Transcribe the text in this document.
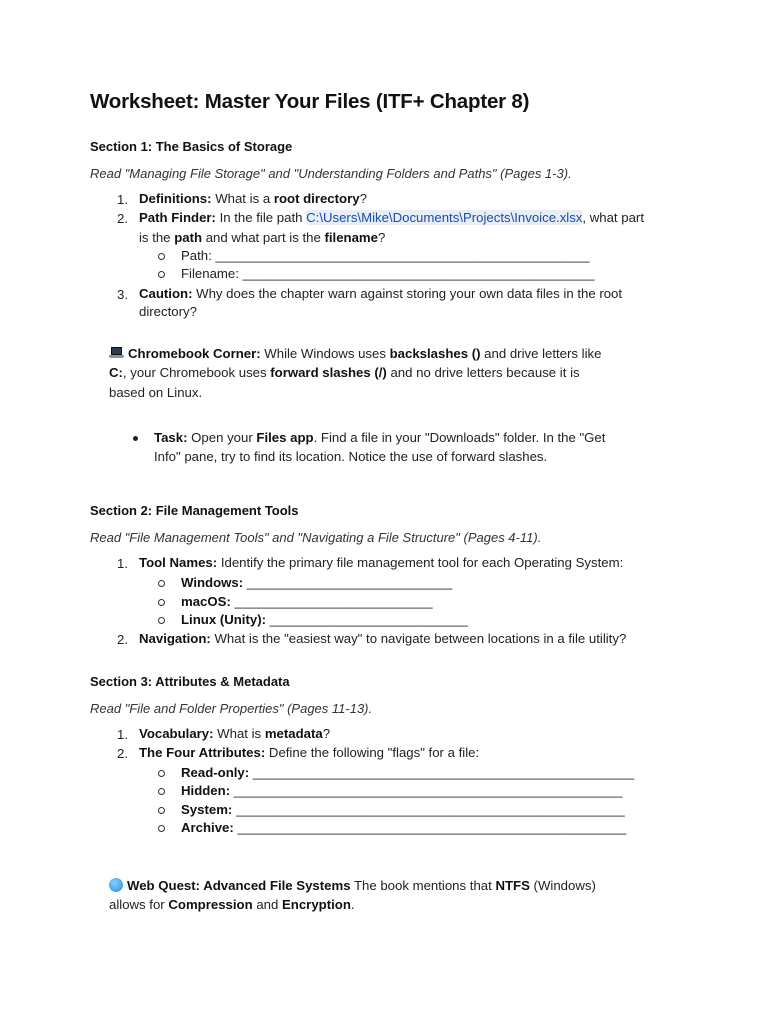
Worksheet: Master Your Files (ITF+ Chapter 8)
Section 1: The Basics of Storage
Read "Managing File Storage" and "Understanding Folders and Paths" (Pages 1-3).
1. Definitions: What is a root directory?
2. Path Finder: In the file path C:\Users\Mike\Documents\Projects\Invoice.xlsx, what part
is the path and what part is the filename?
Path: ___________________________________________________
Filename: ________________________________________________
3. Caution: Why does the chapter warn against storing your own data files in the root
directory?
Chromebook Corner: While Windows uses backslashes () and drive letters like
C:, your Chromebook uses forward slashes (/) and no drive letters because it is
based on Linux.
Task: Open your Files app. Find a file in your "Downloads" folder. In the "Get
Info" pane, try to find its location. Notice the use of forward slashes.
Section 2: File Management Tools
Read "File Management Tools" and "Navigating a File Structure" (Pages 4-11).
1. Tool Names: Identify the primary file management tool for each Operating System:
Windows: ____________________________
macOS: ___________________________
Linux (Unity): ___________________________
2. Navigation: What is the "easiest way" to navigate between locations in a file utility?
Section 3: Attributes & Metadata
Read "File and Folder Properties" (Pages 11-13).
1. Vocabulary: What is metadata?
2. The Four Attributes: Define the following "flags" for a file:
Read-only: ____________________________________________________
Hidden: _____________________________________________________
System: _____________________________________________________
Archive: _____________________________________________________
Web Quest: Advanced File Systems The book mentions that NTFS (Windows)
allows for Compression and Encryption.
